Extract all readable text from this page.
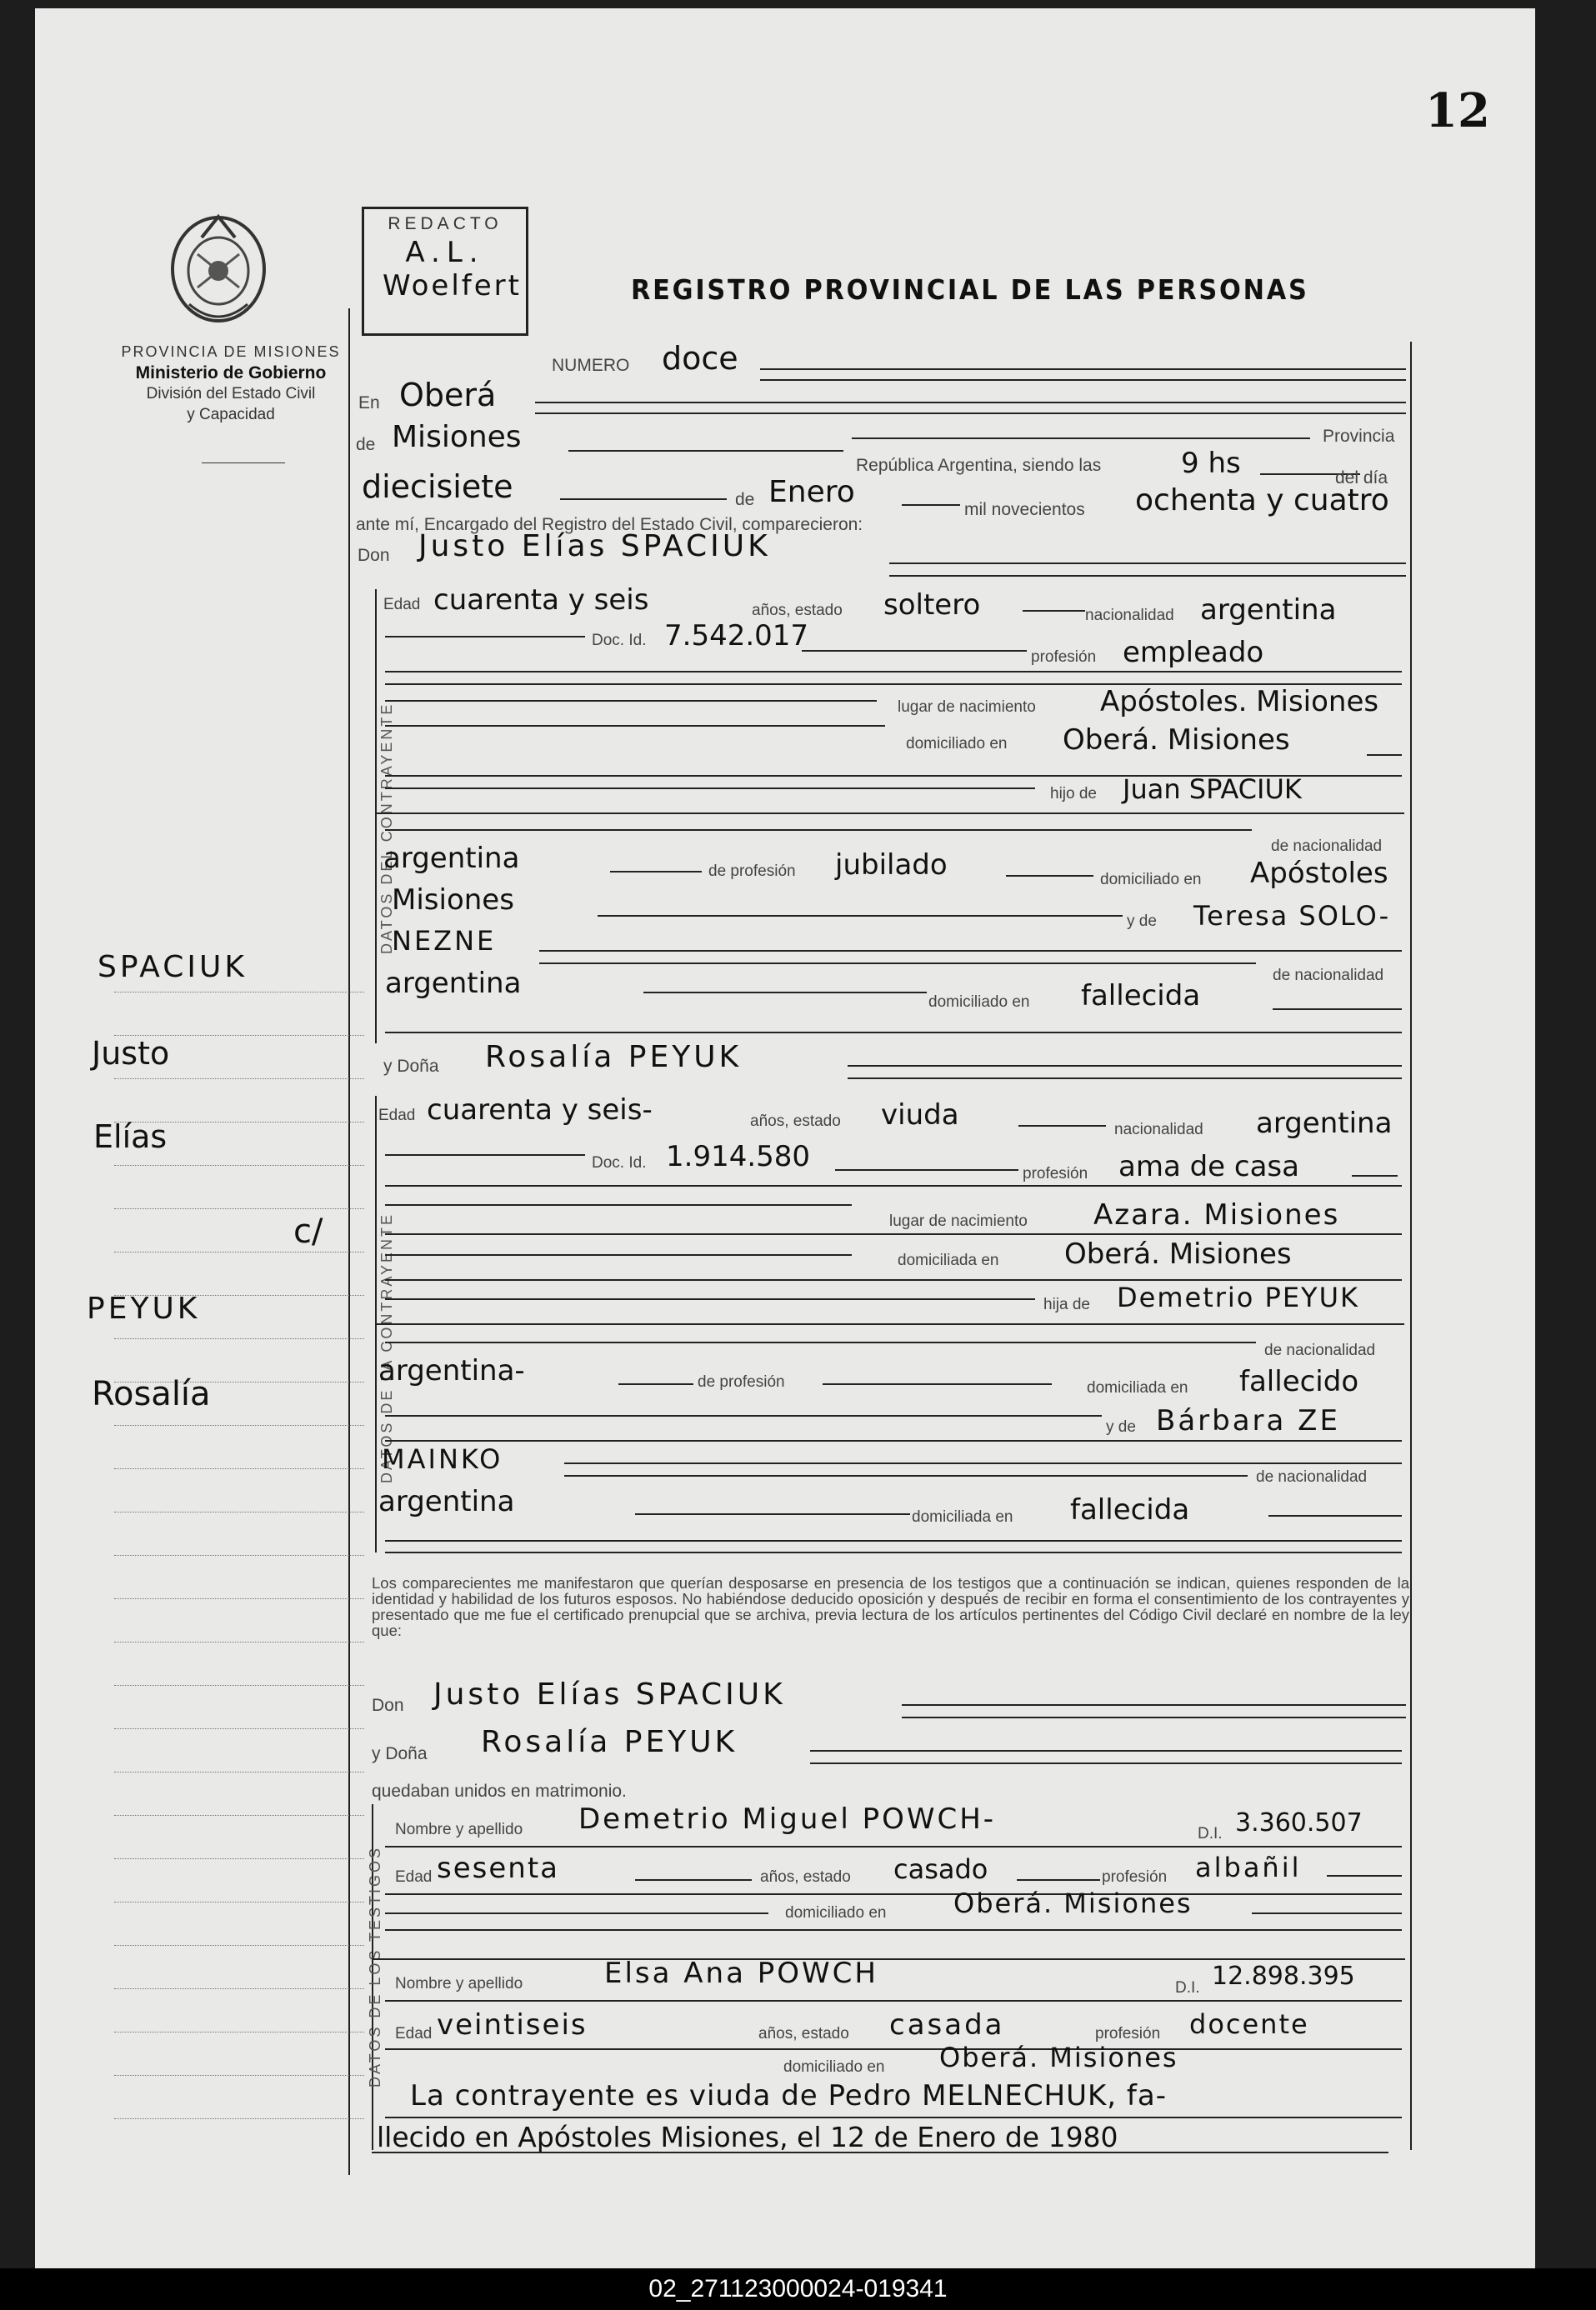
12
PROVINCIA DE MISIONES
Ministerio de Gobierno
División del Estado Civil
y Capacidad
REDACTO
A.L.
Woelfert	REGISTRO PROVINCIAL DE LAS PERSONAS
NUMERO doce
En Oberá
de Misiones	Provincia
República Argentina, siendo las	9 hs	del día
diecisiete	de Enero
mil novecientos ochenta y cuatro
ante mí, Encargado del Registro del Estado Civil, comparecieron:
Don Justo Elías SPACIUK
DATOS DEL CONTRAYENTE
Edad cuarenta y seis	años, estado soltero	nacionalidad argentina
Doc. Id. 7.542.017
profesión empleado
lugar de nacimiento Apóstoles. Misiones
domiciliado en Oberá. Misiones
hijo de Juan SPACIUK
de nacionalidad
argentina	de profesión jubilado	domiciliado en Apóstoles
Misiones
y de Teresa SOLO-
NEZNE
de nacionalidad
argentina
domiciliado en fallecida
y Doña Rosalía PEYUK
DATOS DE LA CONTRAYENTE
Edad cuarenta y seis-	años, estado viuda	nacionalidad argentina
Doc. Id. 1.914.580
profesión ama de casa
lugar de nacimiento Azara. Misiones
domiciliada en Oberá. Misiones
hija de Demetrio PEYUK
de nacionalidad
argentina-	de profesión	domiciliada en fallecido
y de Bárbara ZE
MAINKO
de nacionalidad
argentina	domiciliada en fallecida
Los comparecientes me manifestaron que querían desposarse en presencia de los testigos que a continuación se indican, quienes responden de la identidad y habilidad de los futuros esposos. No habiéndose deducido oposición y después de recibir en forma el consentimiento de los contrayentes y presentado que me fue el certificado prenupcial que se archiva, previa lectura de los artículos pertinentes del Código Civil declaré en nombre de la ley que:
Don Justo Elías SPACIUK
y Doña Rosalía PEYUK
quedaban unidos en matrimonio.
DATOS DE LOS TESTIGOS
Nombre y apellido Demetrio Miguel POWCH-	D.I. 3.360.507
Edad sesenta	años, estado casado	profesión albañil
domiciliado en	Oberá. Misiones
Nombre y apellido	Elsa Ana POWCH	D.I. 12.898.395
Edad veintiseis	años, estado casada	profesión docente
domiciliado en Oberá. Misiones
La contrayente es viuda de Pedro MELNECHUK, fa-
llecido en Apóstoles Misiones, el 12 de Enero de 1980
SPACIUK
Justo
Elías
c/
PEYUK
Rosalía
02_271123000024-019341
